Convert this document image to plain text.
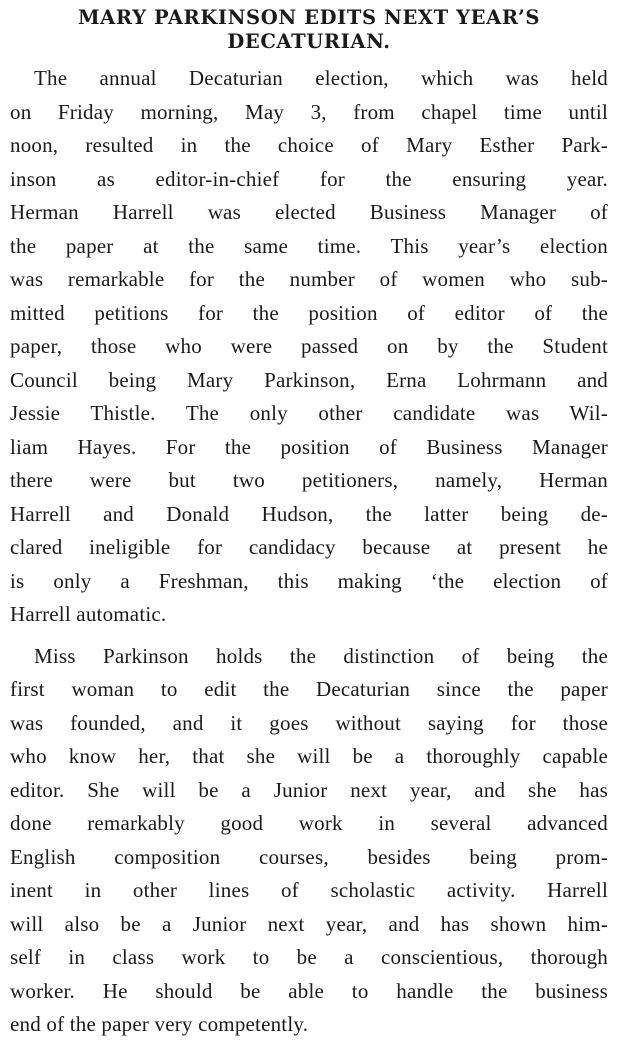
MARY PARKINSON EDITS NEXT YEAR’S
DECATURIAN.
The annual Decaturian election, which was held
on Friday morning, May 3, from chapel time until
noon, resulted in the choice of Mary Esther Park-
inson as editor-in-chief for the ensuring year.
Herman Harrell was elected Business Manager of
the paper at the same time. This year’s election
was remarkable for the number of women who sub-
mitted petitions for the position of editor of the
paper, those who were passed on by the Student
Council being Mary Parkinson, Erna Lohrmann and
Jessie Thistle. The only other candidate was Wil-
liam Hayes. For the position of Business Manager
there were but two petitioners, namely, Herman
Harrell and Donald Hudson, the latter being de-
clared ineligible for candidacy because at present he
is only a Freshman, this making ‘the election of
Harrell automatic.
Miss Parkinson holds the distinction of being the
first woman to edit the Decaturian since the paper
was founded, and it goes without saying for those
who know her, that she will be a thoroughly capable
editor. She will be a Junior next year, and she has
done remarkably good work in several advanced
English composition courses, besides being prom-
inent in other lines of scholastic activity. Harrell
will also be a Junior next year, and has shown him-
self in class work to be a conscientious, thorough
worker. He should be able to handle the business
end of the paper very competently.
